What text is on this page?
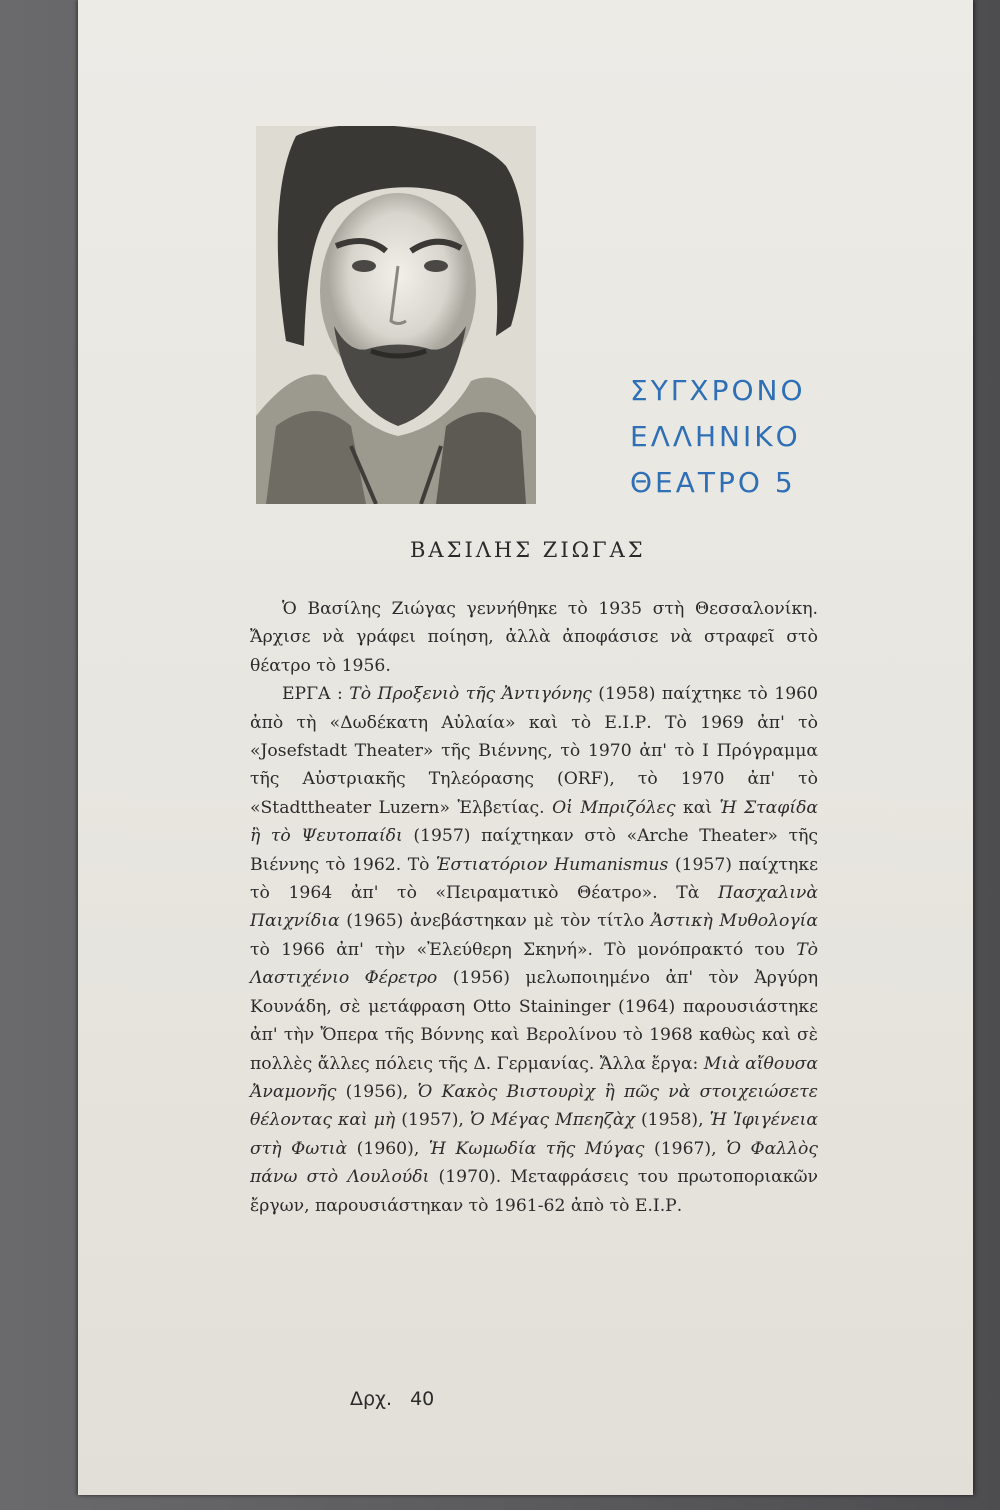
ΣΥΓΧΡΟΝΟ
ΕΛΛΗΝΙΚΟ
ΘΕΑΤΡΟ 5
ΒΑΣΙΛΗΣ ΖΙΩΓΑΣ

Ὁ Βασίλης Ζιώγας γεννήθηκε τὸ 1935 στὴ Θεσσαλονίκη. Ἄρχισε νὰ γράφει ποίηση, ἀλλὰ ἀποφάσισε νὰ στραφεῖ στὸ θέατρο τὸ 1956.

ΕΡΓΑ : Τὸ Προξενιὸ τῆς Ἀντιγόνης (1958) παίχτηκε τὸ 1960 ἀπὸ τὴ «Δωδέκατη Αὐλαία» καὶ τὸ Ε.Ι.Ρ. Τὸ 1969 ἀπ' τὸ «Josefstadt Theater» τῆς Βιέννης, τὸ 1970 ἀπ' τὸ Ι Πρόγραμμα τῆς Αὐστριακῆς Τηλεόρασης (ORF), τὸ 1970 ἀπ' τὸ «Stadttheater Luzern» Ἑλβετίας. Οἱ Μπριζόλες καὶ Ἡ Σταφίδα ἢ τὸ Ψευτοπαίδι (1957) παίχτηκαν στὸ «Arche Theater» τῆς Βιέννης τὸ 1962. Τὸ Ἑστιατόριον Humanismus (1957) παίχτηκε τὸ 1964 ἀπ' τὸ «Πειραματικὸ Θέατρο». Τὰ Πασχαλινὰ Παιχνίδια (1965) ἀνεβάστηκαν μὲ τὸν τίτλο Ἀστικὴ Μυθολογία τὸ 1966 ἀπ' τὴν «Ἐλεύθερη Σκηνή». Τὸ μονόπρακτό του Τὸ Λαστιχένιο Φέρετρο (1956) μελωποιημένο ἀπ' τὸν Ἀργύρη Κουνάδη, σὲ μετάφραση Otto Staininger (1964) παρουσιάστηκε ἀπ' τὴν Ὄπερα τῆς Βόννης καὶ Βερολίνου τὸ 1968 καθὼς καὶ σὲ πολλὲς ἄλλες πόλεις τῆς Δ. Γερμανίας. Ἄλλα ἔργα: Μιὰ αἴθουσα Ἀναμονῆς (1956), Ὁ Κακὸς Βιστουρὶχ ἢ πῶς νὰ στοιχειώσετε θέλοντας καὶ μὴ (1957), Ὁ Μέγας Μπεηζὰχ (1958), Ἡ Ἰφιγένεια στὴ Φωτιὰ (1960), Ἡ Κωμωδία τῆς Μύγας (1967), Ὁ Φαλλὸς πάνω στὸ Λουλούδι (1970). Μεταφράσεις του πρωτοποριακῶν ἔργων, παρουσιάστηκαν τὸ 1961-62 ἀπὸ τὸ Ε.Ι.Ρ.

Δρχ. 40
